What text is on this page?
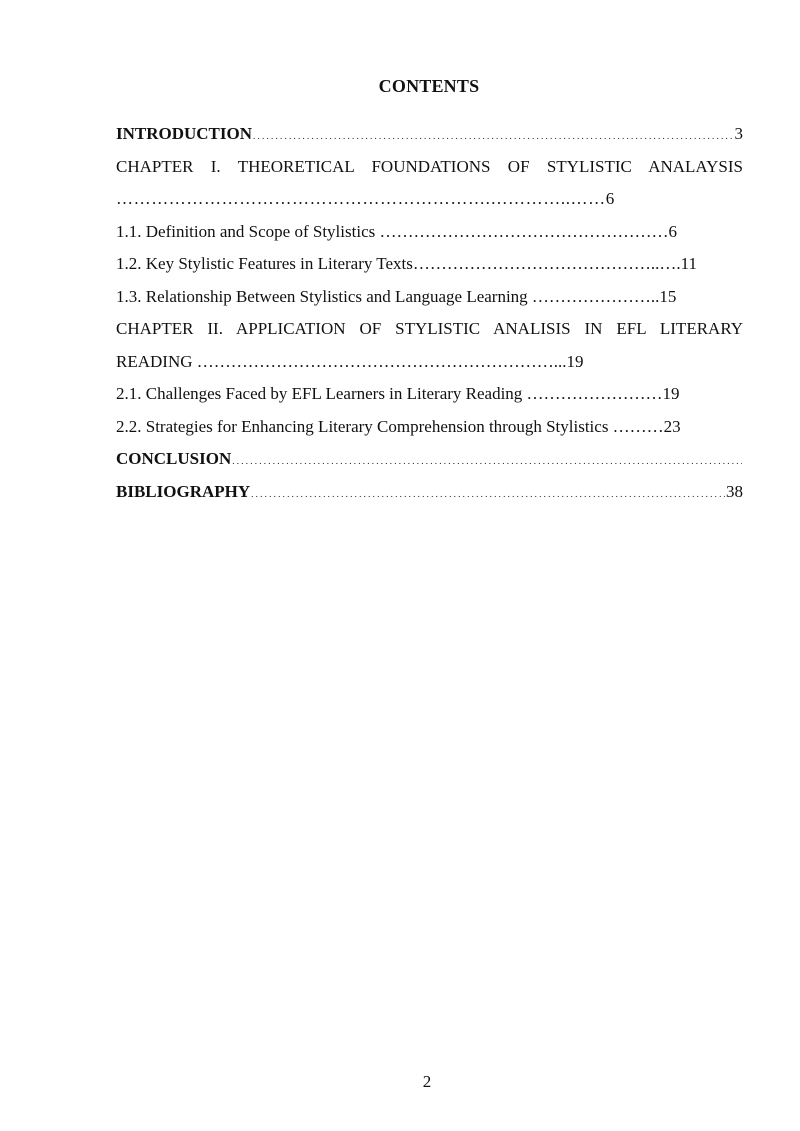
CONTENTS
INTRODUCTION . . .	3
CHAPTER I. THEORETICAL FOUNDATIONS OF STYLISTIC ANALAYSIS
……………………………………………………….…………..……6
1.1. Definition and Scope of Stylistics ……………………………………………6
1.2. Key Stylistic Features in Literary Texts……………………………………..….11
1.3. Relationship Between Stylistics and Language Learning …………………..15
CHAPTER II. APPLICATION OF STYLISTIC ANALISIS IN EFL LITERARY
READING ………………………………………………………...19
2.1. Challenges Faced by EFL Learners in Literary Reading ……………………19
2.2. Strategies for Enhancing Literary Comprehension through Stylistics ………23
CONCLUSION
. . .
BIBLIOGRAPHY . . .	38
2
